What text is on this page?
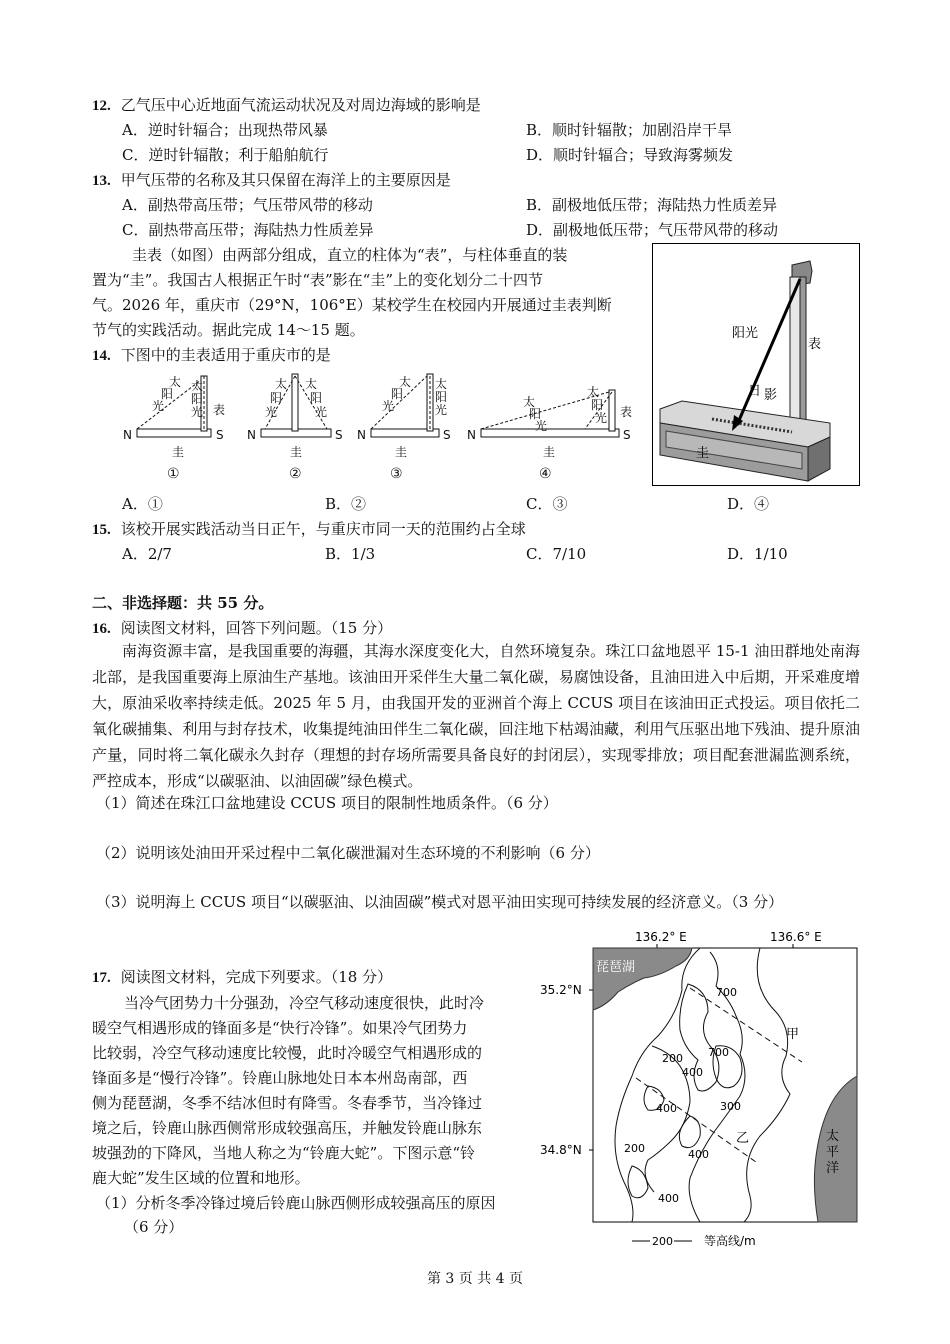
12. 乙气压中心近地面气流运动状况及对周边海域的影响是
A．逆时针辐合；出现热带风暴	B．顺时针辐散；加剧沿岸干旱
C．逆时针辐散；利于船舶航行	D．顺时针辐合；导致海雾频发
13. 甲气压带的名称及其只保留在海洋上的主要原因是
A．副热带高压带；气压带风带的移动	B．副极地低压带；海陆热力性质差异
C．副热带高压带；海陆热力性质差异	D．副极地低压带；气压带风带的移动
圭表（如图）由两部分组成，直立的柱体为“表”，与柱体垂直的装
置为“圭”。我国古人根据正午时“表”影在“圭”上的变化划分二十四节
气。2026 年，重庆市（29°N，106°E）某校学生在校园内开展通过圭表判断
节气的实践活动。据此完成 14～15 题。	阳光
表
日 影
圭
14. 下图中的圭表适用于重庆市的是
N	S
圭
表
太
阳
光
太
阳
光
①
N	S
圭
太
阳
光
太
阳
光
②
N	S
圭
太
阳
光
太
阳
光
③
N	S
圭
表
太
阳
光
太
阳
光
④
A．①	B．②	C．③	D．④
15. 该校开展实践活动当日正午，与重庆市同一天的范围约占全球
A．2/7	B．1/3	C．7/10	D．1/10
二、非选择题：共 55 分。
16. 阅读图文材料，回答下列问题。（15 分）
南海资源丰富，是我国重要的海疆，其海水深度变化大，自然环境复杂。珠江口盆地恩平 15-1 油田群地处南海北部，是我国重要海上原油生产基地。该油田开采伴生大量二氧化碳，易腐蚀设备，且油田进入中后期，开采难度增大，原油采收率持续走低。2025 年 5 月，由我国开发的亚洲首个海上 CCUS 项目在该油田正式投运。项目依托二氧化碳捕集、利用与封存技术，收集提纯油田伴生二氧化碳，回注地下枯竭油藏，利用气压驱出地下残油、提升原油产量，同时将二氧化碳永久封存（理想的封存场所需要具备良好的封闭层），实现零排放；项目配套泄漏监测系统，严控成本，形成“以碳驱油、以油固碳”绿色模式。
（1）简述在珠江口盆地建设 CCUS 项目的限制性地质条件。（6 分）
（2）说明该处油田开采过程中二氧化碳泄漏对生态环境的不利影响（6 分）
（3）说明海上 CCUS 项目“以碳驱油、以油固碳”模式对恩平油田实现可持续发展的经济意义。（3 分）
17. 阅读图文材料，完成下列要求。（18 分）
当冷气团势力十分强劲，冷空气移动速度很快，此时冷
暖空气相遇形成的锋面多是“快行冷锋”。如果冷气团势力
比较弱，冷空气移动速度比较慢，此时冷暖空气相遇形成的
锋面多是“慢行冷锋”。铃鹿山脉地处日本本州岛南部，西
侧为琵琶湖，冬季不结冰但时有降雪。冬春季节，当冷锋过
境之后，铃鹿山脉西侧常形成较强高压，并触发铃鹿山脉东
坡强劲的下降风，当地人称之为“铃鹿大蛇”。下图示意“铃
鹿大蛇”发生区域的位置和地形。
（1）分析冬季冷锋过境后铃鹿山脉西侧形成较强高压的原因
（6 分）
136.2° E	136.6° E
35.2°N
34.8°N
琵琶湖
太
平
洋
甲
乙
700
700
200
400
400	300
200	400
400
200	等高线/m
第 3 页 共 4 页
